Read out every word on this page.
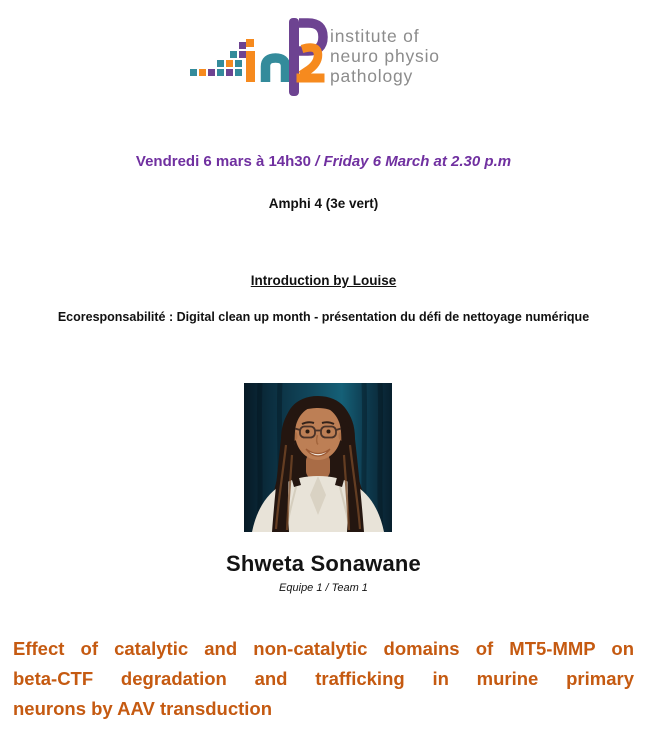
institute of
neuro physio
pathology
Vendredi 6 mars à 14h30 / Friday 6 March at 2.30 p.m
Amphi 4 (3e vert)
Introduction by Louise
Ecoresponsabilité : Digital clean up month - présentation du défi de nettoyage numérique
Shweta Sonawane
Equipe 1 / Team 1
Effect of catalytic and non-catalytic domains of MT5-MMP on
beta-CTF degradation and trafficking in murine primary
neurons by AAV transduction
